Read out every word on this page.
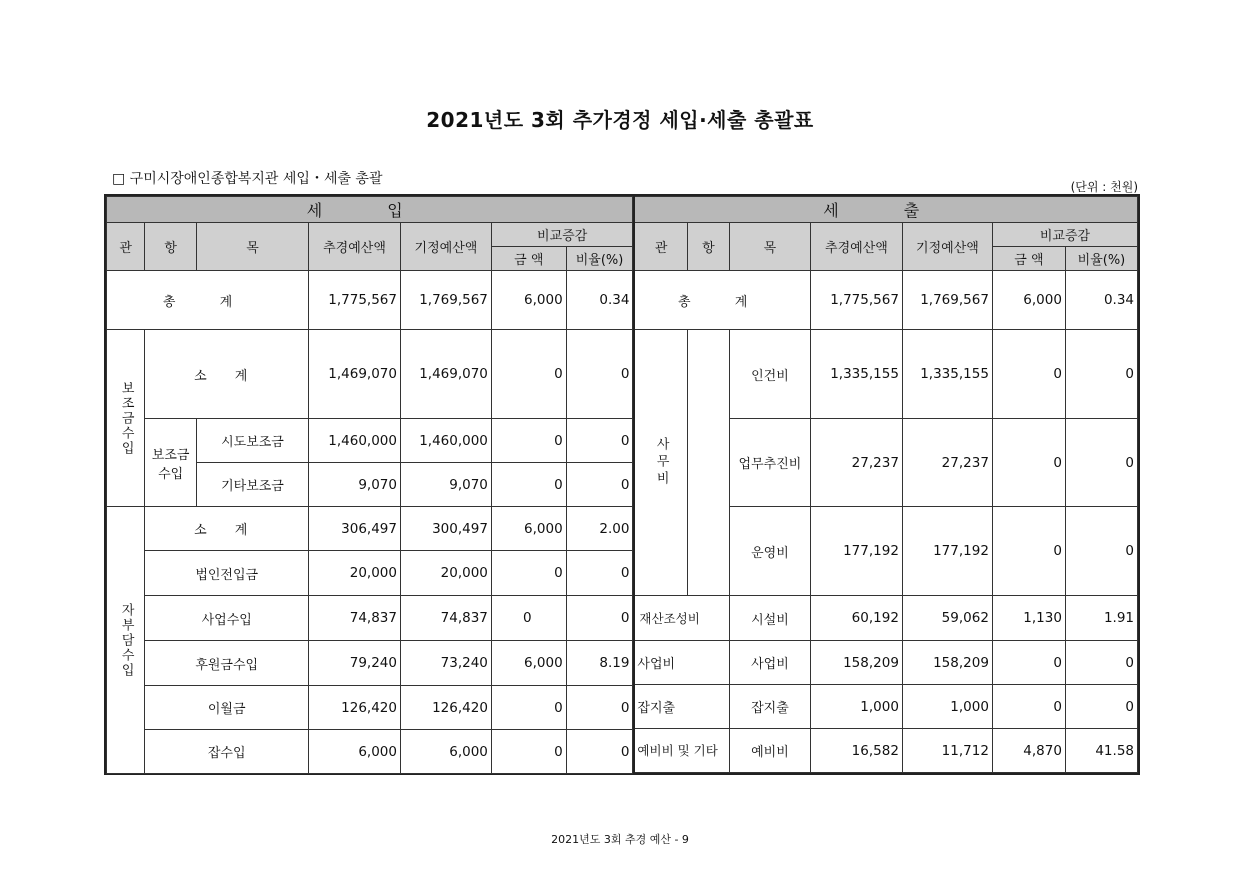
2021년도 3회 추가경정 세입·세출 총괄표
□ 구미시장애인종합복지관 세입・세출 총괄	(단위 : 천원)
세 입						
관	항	목	추경예산액	기정예산액	비교증감	
					금 액	비율(%)
총 계			1,775,567	1,769,567	6,000	0.34
보조금수입	소 계		1,469,070	1,469,070	0	0
	보조금수입	시도보조금	1,460,000	1,460,000	0	0
		기타보조금	9,070	9,070	0	0
자부담수입	소 계		306,497	300,497	6,000	2.00
	법인전입금		20,000	20,000	0	0
	사업수입		74,837	74,837	0	0
	후원금수입		79,240	73,240	6,000	8.19
	이월금		126,420	126,420	0	0
	잡수입		6,000	6,000	0	0
세 출						
관	항	목	추경예산액	기정예산액	비교증감	
					금 액	비율(%)
총 계			1,775,567	1,769,567	6,000	0.34
사무비		인건비	1,335,155	1,335,155	0	0
		업무추진비	27,237	27,237	0	0
		운영비	177,192	177,192	0	0
재산조성비		시설비	60,192	59,062	1,130	1.91
사업비		사업비	158,209	158,209	0	0
잡지출		잡지출	1,000	1,000	0	0
예비비 및 기타		예비비	16,582	11,712	4,870	41.58
2021년도 3회 추경 예산 - 9
